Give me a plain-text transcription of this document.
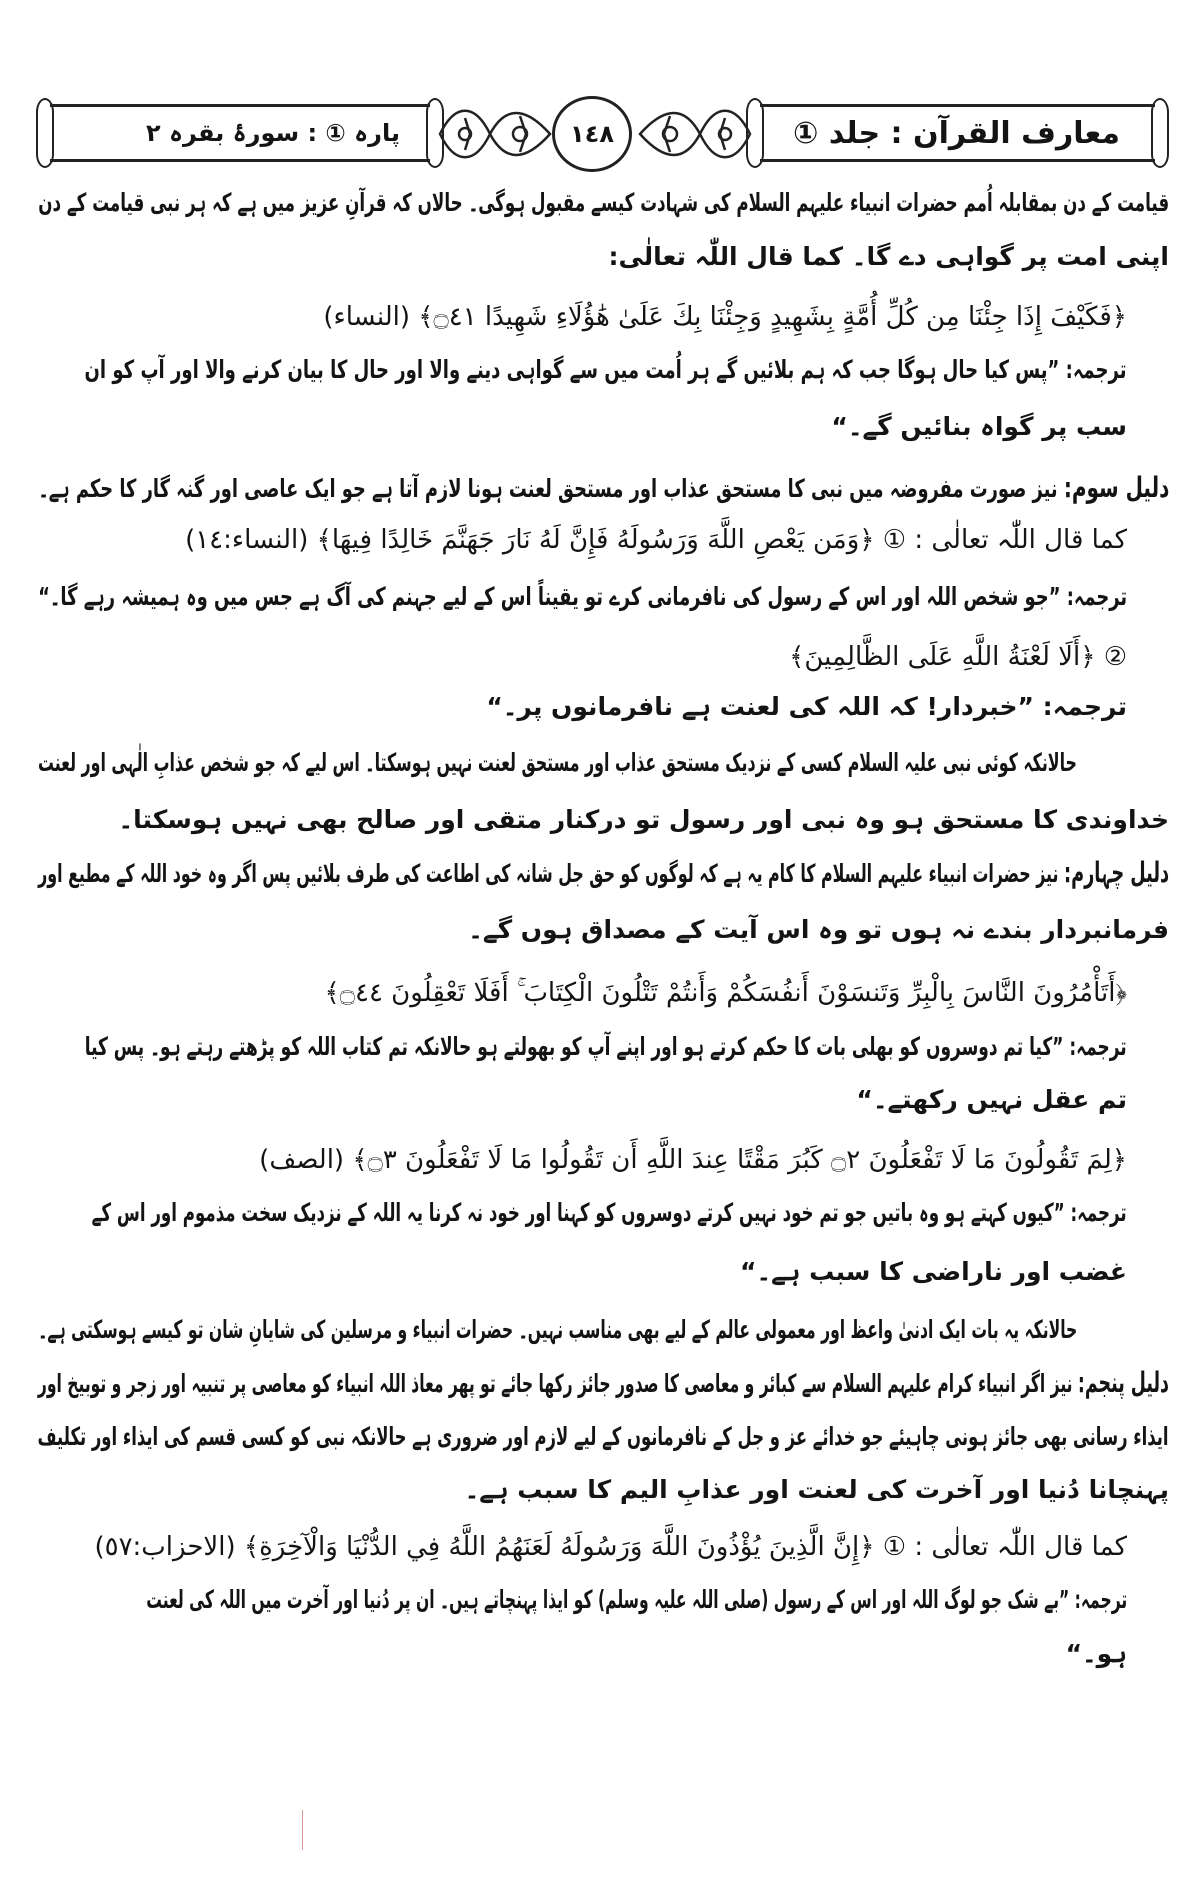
پارہ ① : سورۂ بقرہ ٢	١٤٨	معارف القرآن : جلد ①
قیامت کے دن بمقابلہ اُمم حضرات انبیاء علیہم السلام کی شہادت کیسے مقبول ہوگی۔ حالاں کہ قرآنِ عزیز میں ہے کہ ہر نبی قیامت کے دن
اپنی امت پر گواہی دے گا۔ کما قال اللّٰہ تعالٰی:
﴿فَكَيْفَ إِذَا جِئْنَا مِن كُلِّ أُمَّةٍ بِشَهِيدٍ وَجِئْنَا بِكَ عَلَىٰ هَٰؤُلَاءِ شَهِيدًا ۝٤١﴾ (النساء)
ترجمہ: ”پس کیا حال ہوگا جب کہ ہم بلائیں گے ہر اُمت میں سے گواہی دینے والا اور حال کا بیان کرنے والا اور آپ کو ان
سب پر گواہ بنائیں گے۔“
دلیل سوم: نیز صورت مفروضہ میں نبی کا مستحق عذاب اور مستحق لعنت ہونا لازم آتا ہے جو ایک عاصی اور گنہ گار کا حکم ہے۔
کما قال اللّٰہ تعالٰی : ① ﴿وَمَن يَعْصِ اللَّهَ وَرَسُولَهُ فَإِنَّ لَهُ نَارَ جَهَنَّمَ خَالِدًا فِيهَا﴾ (النساء:١٤)
ترجمہ: ”جو شخص اللہ اور اس کے رسول کی نافرمانی کرے تو یقیناً اس کے لیے جہنم کی آگ ہے جس میں وہ ہمیشہ رہے گا۔“
② ﴿أَلَا لَعْنَةُ اللَّهِ عَلَى الظَّالِمِينَ﴾
ترجمہ: ”خبردار! کہ اللہ کی لعنت ہے نافرمانوں پر۔“
حالانکہ کوئی نبی علیہ السلام کسی کے نزدیک مستحق عذاب اور مستحق لعنت نہیں ہوسکتا۔ اس لیے کہ جو شخص عذابِ الٰہی اور لعنت
خداوندی کا مستحق ہو وہ نبی اور رسول تو درکنار متقی اور صالح بھی نہیں ہوسکتا۔
دلیل چہارم: نیز حضرات انبیاء علیہم السلام کا کام یہ ہے کہ لوگوں کو حق جل شانہ کی اطاعت کی طرف بلائیں پس اگر وہ خود اللہ کے مطیع اور
فرمانبردار بندے نہ ہوں تو وہ اس آیت کے مصداق ہوں گے۔
﴿أَتَأْمُرُونَ النَّاسَ بِالْبِرِّ وَتَنسَوْنَ أَنفُسَكُمْ وَأَنتُمْ تَتْلُونَ الْكِتَابَ ۚ أَفَلَا تَعْقِلُونَ ۝٤٤﴾
ترجمہ: ”کیا تم دوسروں کو بھلی بات کا حکم کرتے ہو اور اپنے آپ کو بھولتے ہو حالانکہ تم کتاب اللہ کو پڑھتے رہتے ہو۔ پس کیا
تم عقل نہیں رکھتے۔“
﴿لِمَ تَقُولُونَ مَا لَا تَفْعَلُونَ ۝٢ كَبُرَ مَقْتًا عِندَ اللَّهِ أَن تَقُولُوا مَا لَا تَفْعَلُونَ ۝٣﴾ (الصف)
ترجمہ: ”کیوں کہتے ہو وہ باتیں جو تم خود نہیں کرتے دوسروں کو کہنا اور خود نہ کرنا یہ اللہ کے نزدیک سخت مذموم اور اس کے
غضب اور ناراضی کا سبب ہے۔“
حالانکہ یہ بات ایک ادنیٰ واعظ اور معمولی عالم کے لیے بھی مناسب نہیں۔ حضرات انبیاء و مرسلین کی شایانِ شان تو کیسے ہوسکتی ہے۔
دلیل پنجم: نیز اگر انبیاء کرام علیہم السلام سے کبائر و معاصی کا صدور جائز رکھا جائے تو پھر معاذ اللہ انبیاء کو معاصی پر تنبیہ اور زجر و توبیخ اور
ایذاء رسانی بھی جائز ہونی چاہیئے جو خدائے عز و جل کے نافرمانوں کے لیے لازم اور ضروری ہے حالانکہ نبی کو کسی قسم کی ایذاء اور تکلیف
پہنچانا دُنیا اور آخرت کی لعنت اور عذابِ الیم کا سبب ہے۔
کما قال اللّٰہ تعالٰی : ① ﴿إِنَّ الَّذِينَ يُؤْذُونَ اللَّهَ وَرَسُولَهُ لَعَنَهُمُ اللَّهُ فِي الدُّنْيَا وَالْآخِرَةِ﴾ (الاحزاب:٥٧)
ترجمہ: ”بے شک جو لوگ اللہ اور اس کے رسول (صلی اللہ علیہ وسلم) کو ایذا پہنچاتے ہیں۔ ان پر دُنیا اور آخرت میں اللہ کی لعنت
ہو۔“
